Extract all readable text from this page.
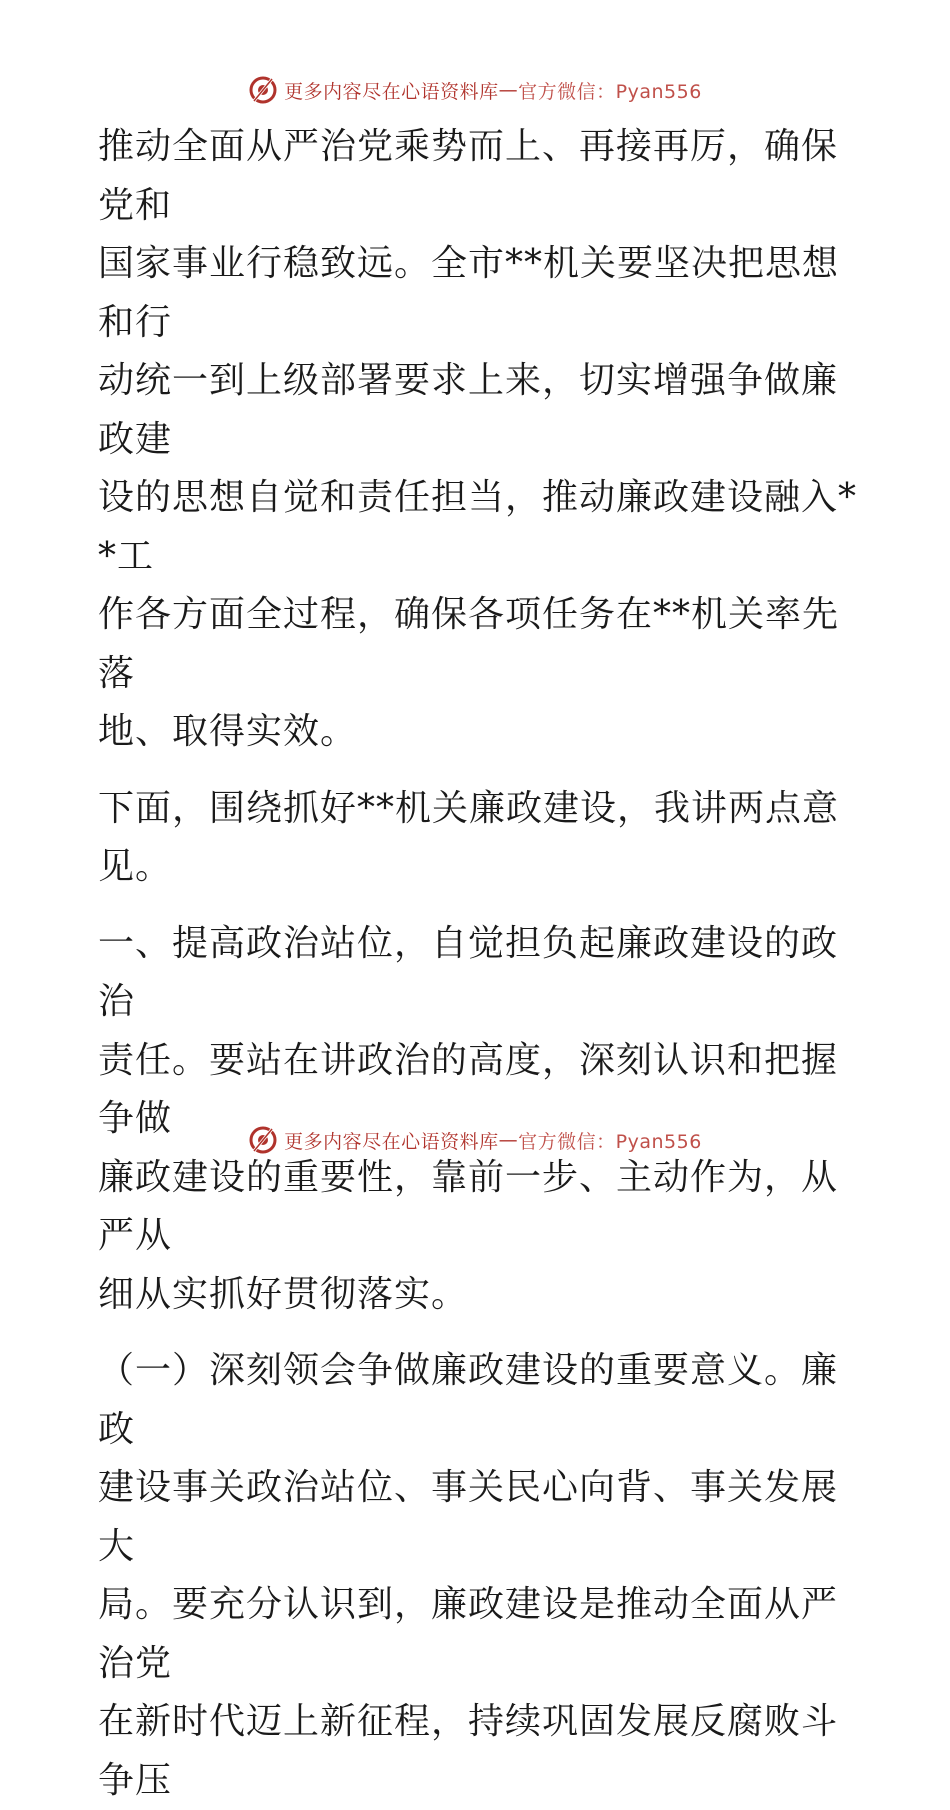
更多内容尽在心语资料库 — 官方微信：Pyan556

推动全面从严治党乘势而上、再接再厉，确保党和

国家事业行稳致远。全市**机关要坚决把思想和行

动统一到上级部署要求上来，切实增强争做廉政建

设的思想自觉和责任担当，推动廉政建设融入**工

作各方面全过程，确保各项任务在**机关率先落

地、取得实效。

下面，围绕抓好**机关廉政建设，我讲两点意

见。

一、提高政治站位，自觉担负起廉政建设的政治

责任。要站在讲政治的高度，深刻认识和把握争做

廉政建设的重要性，靠前一步、主动作为，从严从

细从实抓好贯彻落实。

（一）深刻领会争做廉政建设的重要意义。廉政

建设事关政治站位、事关民心向背、事关发展大

局。要充分认识到，廉政建设是推动全面从严治党

在新时代迈上新征程，持续巩固发展反腐败斗争压

更多内容尽在心语资料库 — 官方微信：Pyan556
